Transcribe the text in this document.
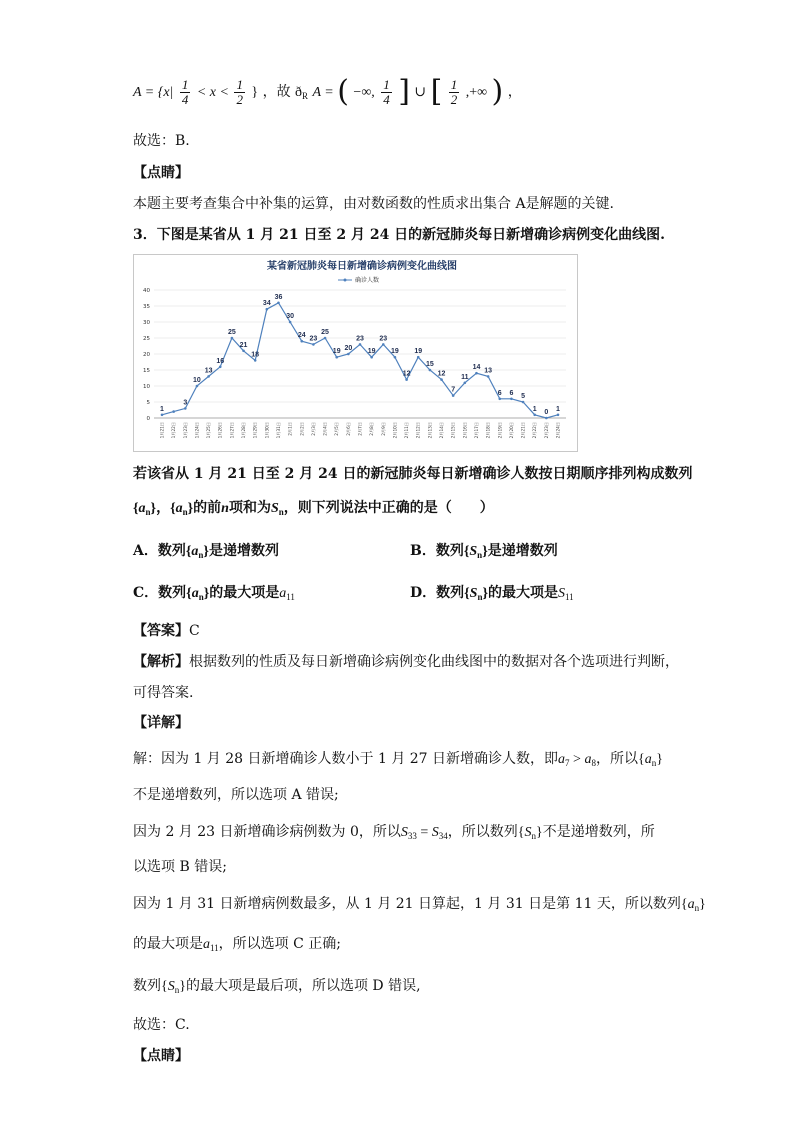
$A = \{x| \frac{1}{4} < x < \frac{1}{2}$ } ，故 $ð_R$ A = ( −∞, $\frac{1}{4}$ ] ∪ [ $\frac{1}{2}$ ,+∞ ) ，
故选：B.
【点睛】
本题主要考查集合中补集的运算，由对数函数的性质求出集合 A是解题的关键.
3．下图是某省从 1 月 21 日至 2 月 24 日的新冠肺炎每日新增确诊病例变化曲线图.
某省新冠肺炎每日新增确诊病例变化曲线图
确诊人数
0
5
10
15
20
25
30
35
40
1月21日 1月22日 1月23日 1月24日 1月25日 1月26日 1月27日 1月28日 1月29日 1月30日 1月31日 2月1日 2月2日 2月3日 2月4日 2月5日 2月6日 2月7日 2月8日 2月9日 2月10日 2月11日 2月12日 2月13日 2月14日 2月15日 2月16日 2月17日 2月18日 2月19日 2月20日 2月21日 2月22日 2月23日 2月24日
1
3
10
13
16
25
21
18
34
36
30
24 23
25
19 20
23
19
23
19
12
19
15
12
7
11
14 13
6 6 5
1 0 1
若该省从 1 月 21 日至 2 月 24 日的新冠肺炎每日新增确诊人数按日期顺序排列构成数列
$\{a_n\}$，$\{a_n\}$的前n项和为$S_n$，则下列说法中正确的是（　　）
A．数列$\{a_n\}$是递增数列	B．数列$\{S_n\}$是递增数列
C．数列$\{a_n\}$的最大项是$a_{11}$	D．数列$\{S_n\}$的最大项是$S_{11}$
【答案】C
【解析】根据数列的性质及每日新增确诊病例变化曲线图中的数据对各个选项进行判断，
可得答案.
【详解】
解：因为 1 月 28 日新增确诊人数小于 1 月 27 日新增确诊人数，即$a_7 > a_8$，所以$\{a_n\}$
不是递增数列，所以选项 A 错误;
因为 2 月 23 日新增确诊病例数为 0，所以$S_{33} = S_{34}$，所以数列$\{S_n\}$不是递增数列，所
以选项 B 错误;
因为 1 月 31 日新增病例数最多，从 1 月 21 日算起，1 月 31 日是第 11 天，所以数列$\{a_n\}$
的最大项是$a_{11}$，所以选项 C 正确;
数列$\{S_n\}$的最大项是最后项，所以选项 D 错误,
故选：C.
【点睛】
